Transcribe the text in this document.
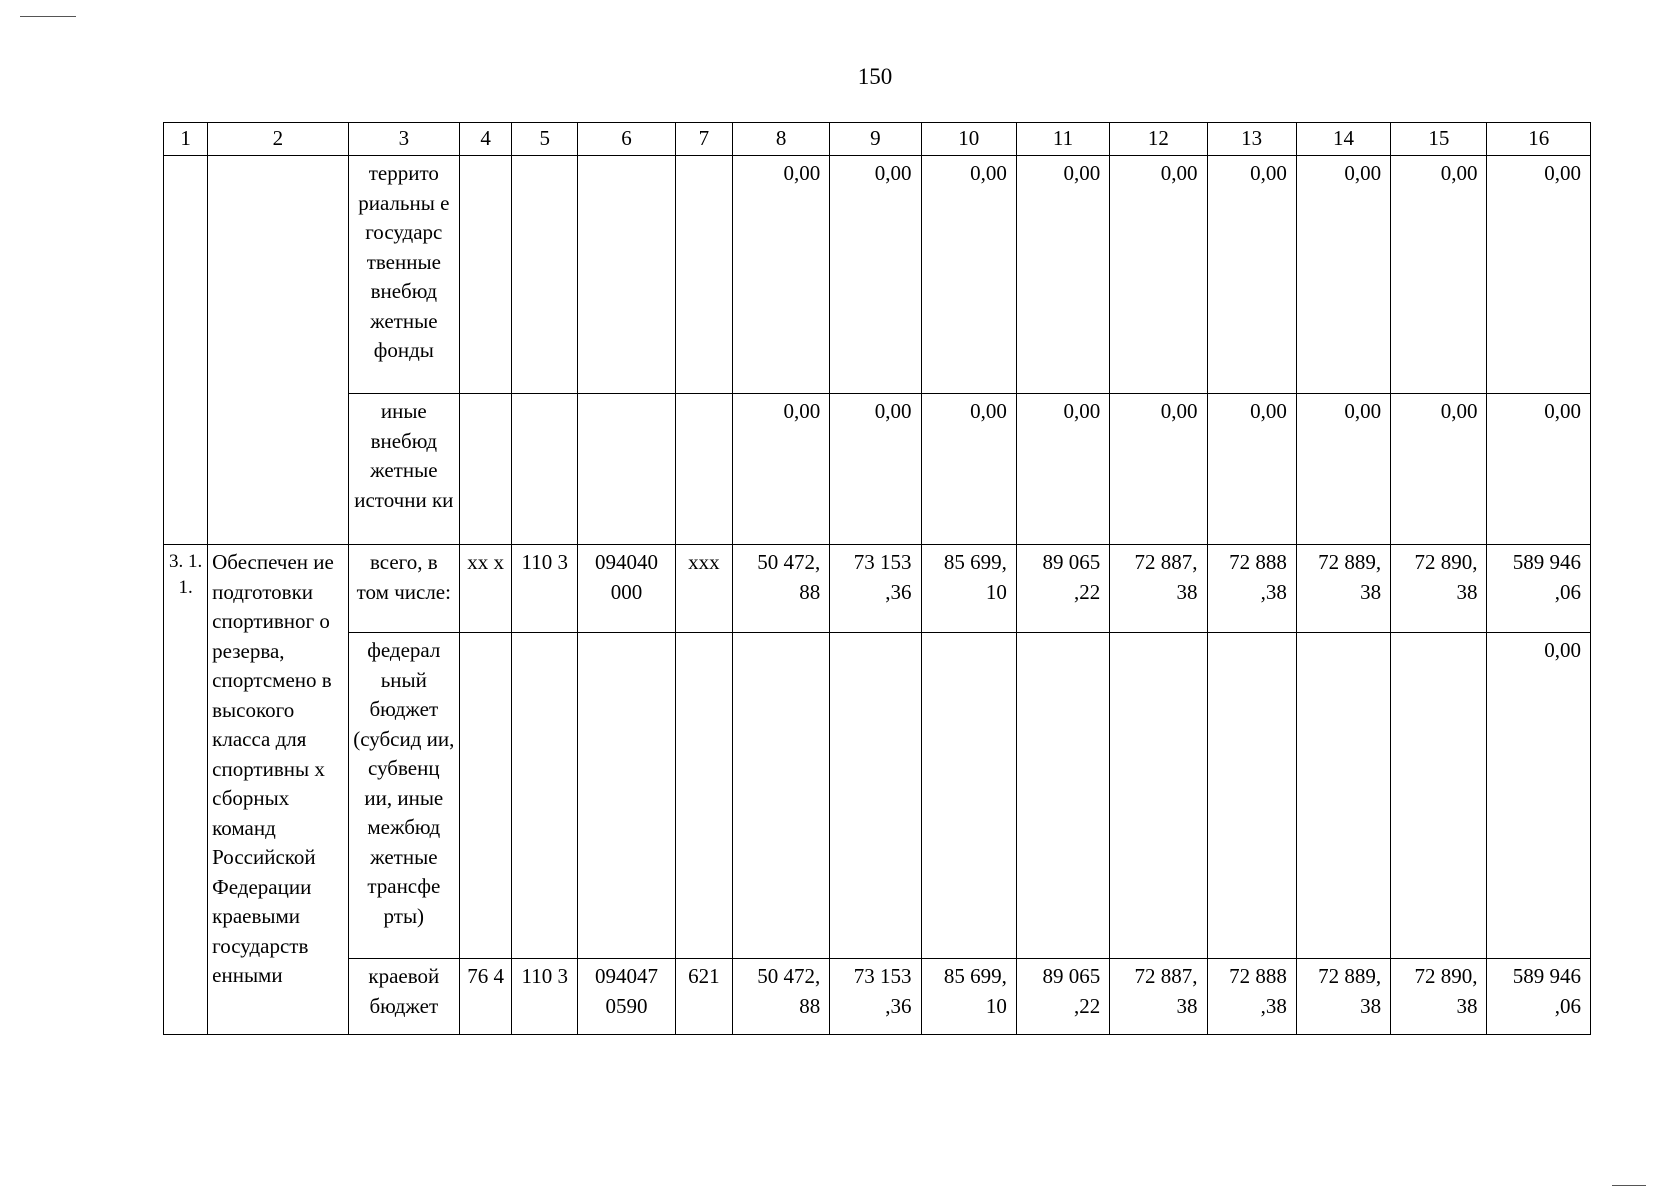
150
1	2	3	4	5	6	7	8	9	10	11	12	13	14	15	16
		террито риальны е государс твенные внебюд жетные фонды					0,00	0,00	0,00	0,00	0,00	0,00	0,00	0,00	0,00
		иные внебюд жетные источни ки					0,00	0,00	0,00	0,00	0,00	0,00	0,00	0,00	0,00
3. 1. 1.	Обеспечен ие подготовки спортивног о резерва, спортсмено в высокого класса для спортивны х сборных команд Российской Федерации краевыми государств енными	всего, в том числе:	хх х	110 3	094040 000	ххх	50 472, 88	73 153 ,36	85 699, 10	89 065 ,22	72 887, 38	72 888 ,38	72 889, 38	72 890, 38	589 946 ,06
		федерал ьный бюджет (субсид ии, субвенц ии, иные межбюд жетные трансфе рты)													0,00
		краевой бюджет	76 4	110 3	094047 0590	621	50 472, 88	73 153 ,36	85 699, 10	89 065 ,22	72 887, 38	72 888 ,38	72 889, 38	72 890, 38	589 946 ,06
